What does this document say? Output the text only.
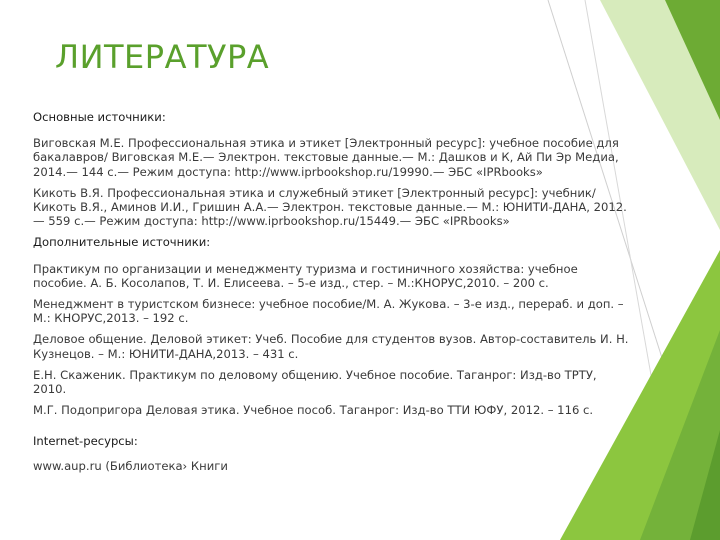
ЛИТЕРАТУРА
Основные источники:
Виговская М.Е. Профессиональная этика и этикет [Электронный ресурс]: учебное пособие для бакалавров/ Виговская М.Е.— Электрон. текстовые данные.— М.: Дашков и К, Ай Пи Эр Медиа, 2014.— 144 c.— Режим доступа: http://www.iprbookshop.ru/19990.— ЭБС «IPRbooks»
Кикоть В.Я. Профессиональная этика и служебный этикет [Электронный ресурс]: учебник/ Кикоть В.Я., Аминов И.И., Гришин А.А.— Электрон. текстовые данные.— М.: ЮНИТИ-ДАНА, 2012.— 559 c.— Режим доступа: http://www.iprbookshop.ru/15449.— ЭБС «IPRbooks»
Дополнительные источники:
Практикум по организации и менеджменту туризма и гостиничного хозяйства: учебное пособие. А. Б. Косолапов, Т. И. Елисеева. – 5-е изд., стер. – М.:КНОРУС,2010. – 200 с.
Менеджмент в туристском бизнесе: учебное пособие/М. А. Жукова. – 3-е изд., перераб. и доп. – М.: КНОРУС,2013. – 192 с.
Деловое общение. Деловой этикет: Учеб. Пособие для студентов вузов. Автор-составитель И. Н. Кузнецов. – М.: ЮНИТИ-ДАНА,2013. – 431 с.
Е.Н. Скаженик. Практикум по деловому общению. Учебное пособие. Таганрог: Изд-во ТРТУ, 2010.
М.Г. Подопригора Деловая этика. Учебное пособ. Таганрог: Изд-во ТТИ ЮФУ, 2012. – 116 с.
Internet-ресурсы:
www.aup.ru (Библиотека› Книги
